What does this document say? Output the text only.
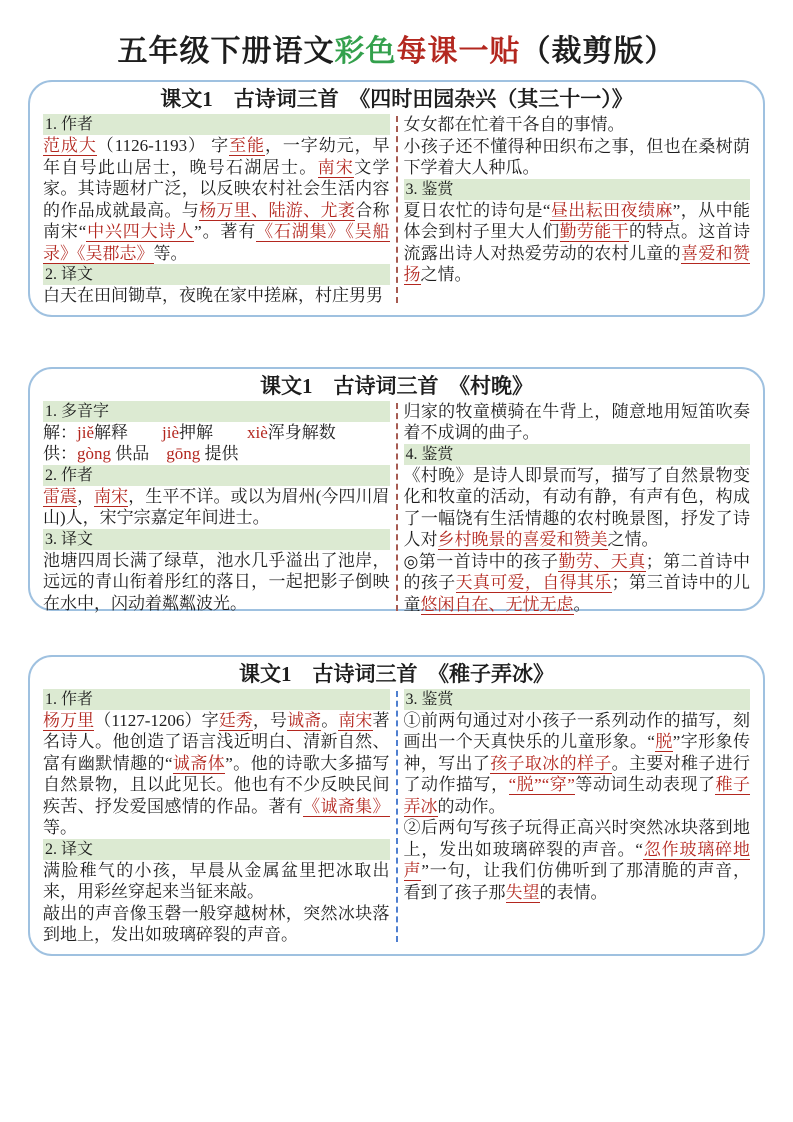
五年级下册语文彩色每课一贴（裁剪版）
课文1　古诗词三首　《四时田园杂兴（其三十一）》
1. 作者
范成大（1126-1193） 字至能，一字幼元，早年自号此山居士，晚号石湖居士。南宋文学家。其诗题材广泛，以反映农村社会生活内容的作品成就最高。与杨万里、陆游、尤袤合称南宋“中兴四大诗人”。著有《石湖集》《吴船录》《吴郡志》等。
2. 译文
白天在田间锄草，夜晚在家中搓麻，村庄男男
女女都在忙着干各自的事情。
小孩子还不懂得种田织布之事，但也在桑树荫下学着大人种瓜。
3. 鉴赏
夏日农忙的诗句是“昼出耘田夜绩麻”，从中能体会到村子里大人们勤劳能干的特点。这首诗流露出诗人对热爱劳动的农村儿童的喜爱和赞扬之情。
课文1　古诗词三首　《村晚》
1. 多音字
解：jiě解释　　jiè押解　　xiè浑身解数
供：gòng 供品　gōng 提供
2. 作者
雷震，南宋，生平不详。或以为眉州(今四川眉山)人，宋宁宗嘉定年间进士。
3. 译文
池塘四周长满了绿草，池水几乎溢出了池岸，远远的青山衔着彤红的落日，一起把影子倒映在水中，闪动着粼粼波光。
归家的牧童横骑在牛背上，随意地用短笛吹奏着不成调的曲子。
4. 鉴赏
《村晚》是诗人即景而写，描写了自然景物变化和牧童的活动，有动有静，有声有色，构成了一幅饶有生活情趣的农村晚景图，抒发了诗人对乡村晚景的喜爱和赞美之情。
◎第一首诗中的孩子勤劳、天真；第二首诗中的孩子天真可爱，自得其乐；第三首诗中的儿童悠闲自在、无忧无虑。
课文1　古诗词三首　《稚子弄冰》
1. 作者
杨万里（1127-1206）字廷秀，号诚斋。南宋著名诗人。他创造了语言浅近明白、清新自然、富有幽默情趣的“诚斋体”。他的诗歌大多描写自然景物，且以此见长。他也有不少反映民间疾苦、抒发爱国感情的作品。著有《诚斋集》等。
2. 译文
满脸稚气的小孩，早晨从金属盆里把冰取出来，用彩丝穿起来当钲来敲。
敲出的声音像玉磬一般穿越树林，突然冰块落到地上，发出如玻璃碎裂的声音。
3. 鉴赏
①前两句通过对小孩子一系列动作的描写，刻画出一个天真快乐的儿童形象。“脱”字形象传神，写出了孩子取冰的样子。主要对稚子进行了动作描写，“脱”“穿”等动词生动表现了稚子弄冰的动作。
②后两句写孩子玩得正高兴时突然冰块落到地上，发出如玻璃碎裂的声音。“忽作玻璃碎地声”一句，让我们仿佛听到了那清脆的声音，看到了孩子那失望的表情。
